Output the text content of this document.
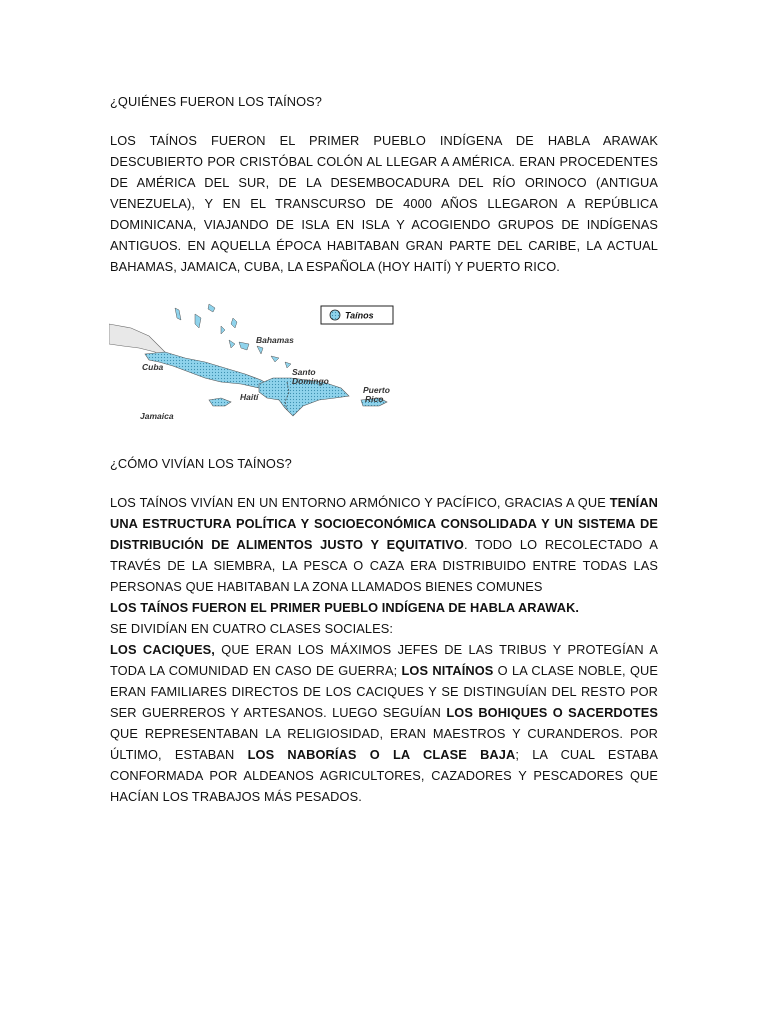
¿QUIÉNES FUERON LOS TAÍNOS?
LOS TAÍNOS FUERON EL PRIMER PUEBLO INDÍGENA DE HABLA ARAWAK DESCUBIERTO POR CRISTÓBAL COLÓN AL LLEGAR A AMÉRICA. ERAN PROCEDENTES DE AMÉRICA DEL SUR, DE LA DESEMBOCADURA DEL RÍO ORINOCO (ANTIGUA VENEZUELA), Y EN EL TRANSCURSO DE 4000 AÑOS LLEGARON A REPÚBLICA DOMINICANA, VIAJANDO DE ISLA EN ISLA Y ACOGIENDO GRUPOS DE INDÍGENAS ANTIGUOS. EN AQUELLA ÉPOCA HABITABAN GRAN PARTE DEL CARIBE, LA ACTUAL BAHAMAS, JAMAICA, CUBA, LA ESPAÑOLA (HOY HAITÍ) Y PUERTO RICO.
Taínos
Bahamas
Cuba	Santo
Domingo
Puerto
Rico
Haití
Jamaica
¿CÓMO VIVÍAN LOS TAÍNOS?

LOS TAÍNOS VIVÍAN EN UN ENTORNO ARMÓNICO Y PACÍFICO, GRACIAS A QUE TENÍAN UNA ESTRUCTURA POLÍTICA Y SOCIOECONÓMICA CONSOLIDADA Y UN SISTEMA DE DISTRIBUCIÓN DE ALIMENTOS JUSTO Y EQUITATIVO. TODO LO RECOLECTADO A TRAVÉS DE LA SIEMBRA, LA PESCA O CAZA ERA DISTRIBUIDO ENTRE TODAS LAS PERSONAS QUE HABITABAN LA ZONA LLAMADOS BIENES COMUNES

LOS TAÍNOS FUERON EL PRIMER PUEBLO INDÍGENA DE HABLA ARAWAK.

SE DIVIDÍAN EN CUATRO CLASES SOCIALES:

LOS CACIQUES, QUE ERAN LOS MÁXIMOS JEFES DE LAS TRIBUS Y PROTEGÍAN A TODA LA COMUNIDAD EN CASO DE GUERRA; LOS NITAÍNOS O LA CLASE NOBLE, QUE ERAN FAMILIARES DIRECTOS DE LOS CACIQUES Y SE DISTINGUÍAN DEL RESTO POR SER GUERREROS Y ARTESANOS. LUEGO SEGUÍAN LOS BOHIQUES O SACERDOTES QUE REPRESENTABAN LA RELIGIOSIDAD, ERAN MAESTROS Y CURANDEROS. POR ÚLTIMO, ESTABAN LOS NABORÍAS O LA CLASE BAJA; LA CUAL ESTABA CONFORMADA POR ALDEANOS AGRICULTORES, CAZADORES Y PESCADORES QUE HACÍAN LOS TRABAJOS MÁS PESADOS.
